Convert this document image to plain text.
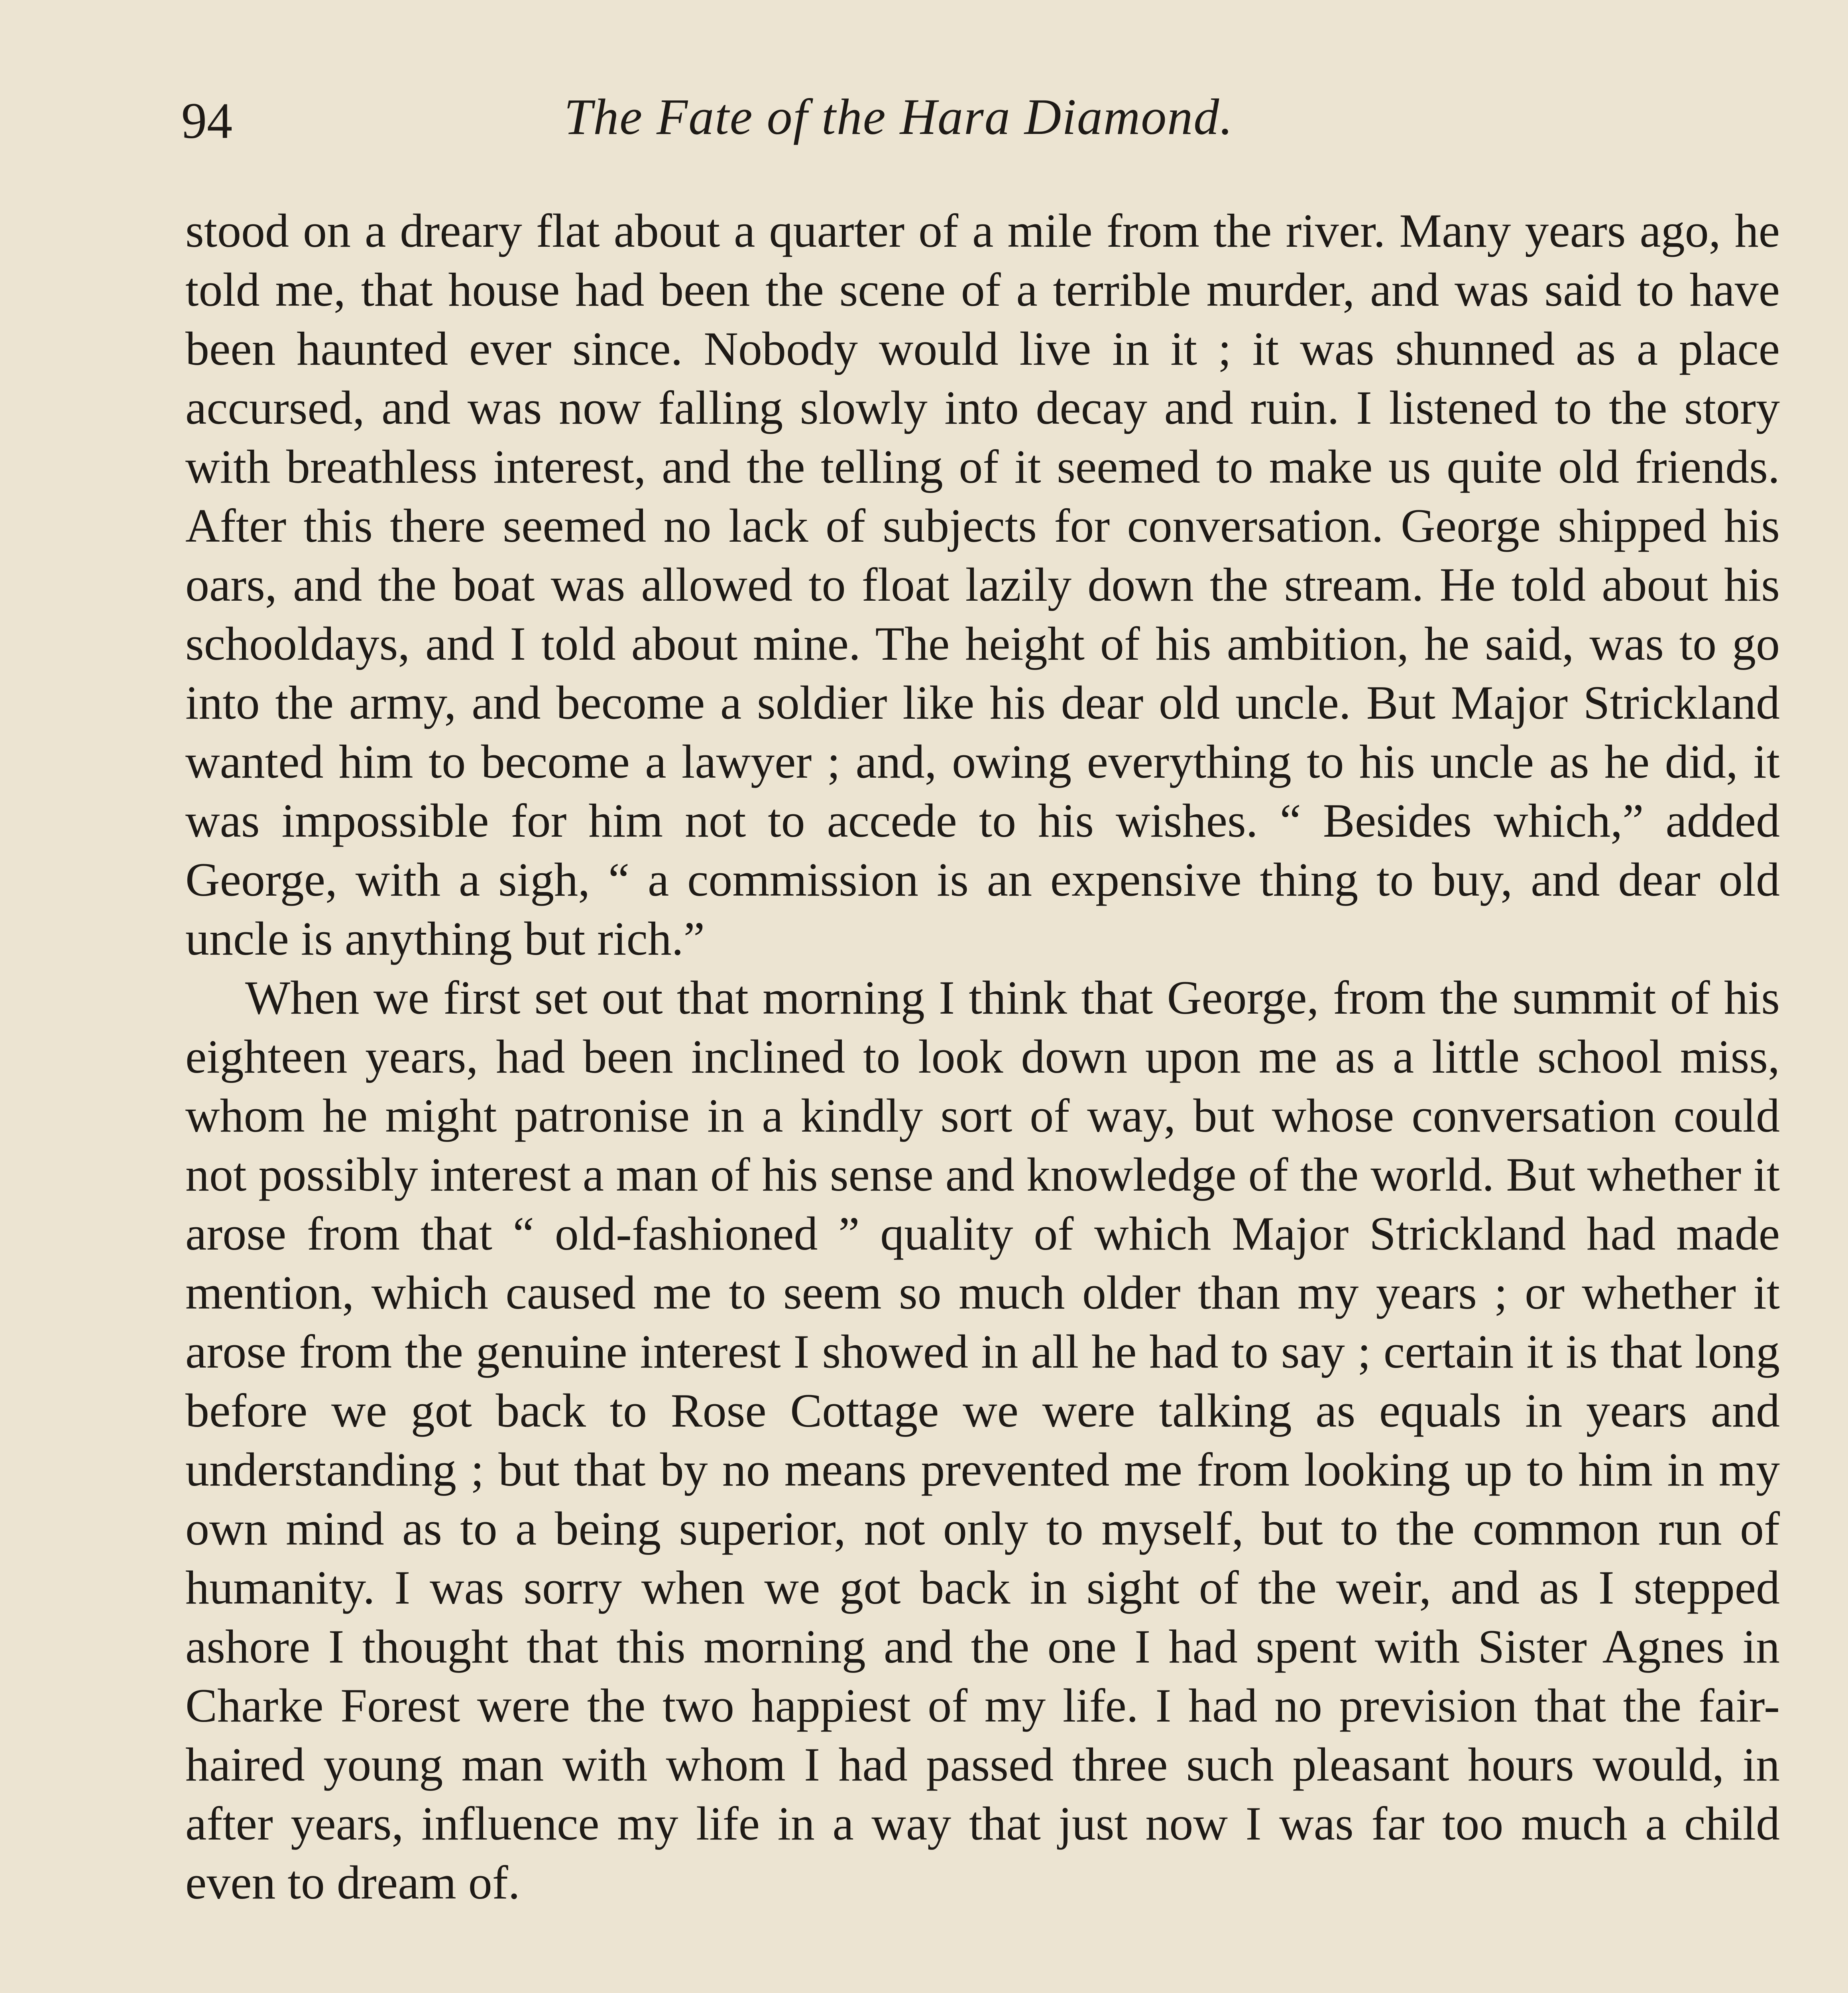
94	The Fate of the Hara Diamond.

stood on a dreary flat about a quarter of a mile from the river. Many years ago, he told me, that house had been the scene of a terrible murder, and was said to have been haunted ever since. Nobody would live in it ; it was shunned as a place accursed, and was now falling slowly into decay and ruin. I listened to the story with breathless interest, and the telling of it seemed to make us quite old friends. After this there seemed no lack of subjects for conversation. George shipped his oars, and the boat was allowed to float lazily down the stream. He told about his schooldays, and I told about mine. The height of his ambition, he said, was to go into the army, and become a soldier like his dear old uncle. But Major Strickland wanted him to become a lawyer ; and, owing everything to his uncle as he did, it was impossible for him not to accede to his wishes. “ Besides which,” added George, with a sigh, “ a commission is an expensive thing to buy, and dear old uncle is anything but rich.”

When we first set out that morning I think that George, from the summit of his eighteen years, had been inclined to look down upon me as a little school miss, whom he might patronise in a kindly sort of way, but whose conversation could not possibly interest a man of his sense and knowledge of the world. But whether it arose from that “ old-fashioned ” quality of which Major Strickland had made mention, which caused me to seem so much older than my years ; or whether it arose from the genuine interest I showed in all he had to say ; certain it is that long before we got back to Rose Cottage we were talking as equals in years and understanding ; but that by no means prevented me from looking up to him in my own mind as to a being superior, not only to myself, but to the common run of humanity. I was sorry when we got back in sight of the weir, and as I stepped ashore I thought that this morning and the one I had spent with Sister Agnes in Charke Forest were the two happiest of my life. I had no prevision that the fair-haired young man with whom I had passed three such pleasant hours would, in after years, influence my life in a way that just now I was far too much a child even to dream of.
